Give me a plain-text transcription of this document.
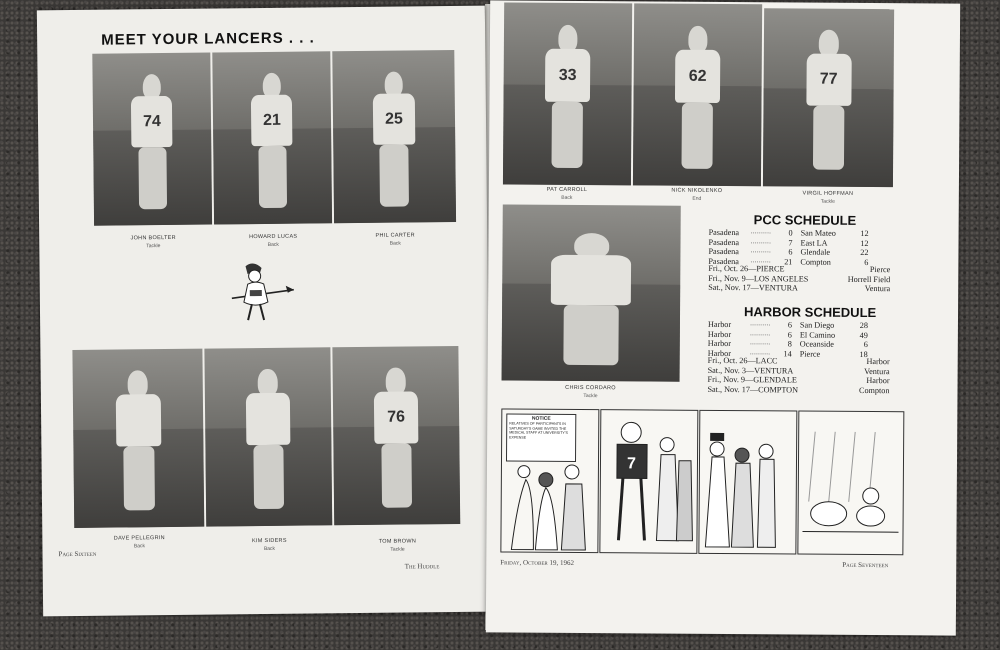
MEET YOUR LANCERS . . .
74	21	25
JOHN BOELTER
Tackle
HOWARD LUCAS
Back
PHIL CARTER
Back
76
DAVE PELLEGRIN
Back
KIM SIDERS
Back
TOM BROWN
Tackle
Page Sixteen
The Huddle
33	62	77
PAT CARROLL
Back
NICK NIKOLENKO
End
VIRGIL HOFFMAN
Tackle
CHRIS CORDARO
Tackle
PCC SCHEDULE
Pasadena .......... 0 San Mateo	12
Pasadena .......... 7 East LA	12
Pasadena .......... 6 Glendale	22
Pasadena .......... 21 Compton	6
Fri., Oct. 26—PIERCE	Pierce
Fri., Nov. 9—LOS ANGELES	Horrell Field
Sat., Nov. 17—VENTURA	Ventura
HARBOR SCHEDULE
Harbor .......... 6 San Diego	28
Harbor .......... 6 El Camino	49
Harbor .......... 8 Oceanside	6
Harbor .......... 14 Pierce	18
Fri., Oct. 26—LACC	Harbor
Sat., Nov. 3—VENTURA	Ventura
Fri., Nov. 9—GLENDALE	Harbor
Sat., Nov. 17—COMPTON	Compton
NOTICE
RELATIVES OF PARTICIPANTS IN SATURDAY'S GAME INVITED THE MEDICAL STAFF AT UNIVERSITY'S EXPENSE
7
Friday, October 19, 1962	Page Seventeen
